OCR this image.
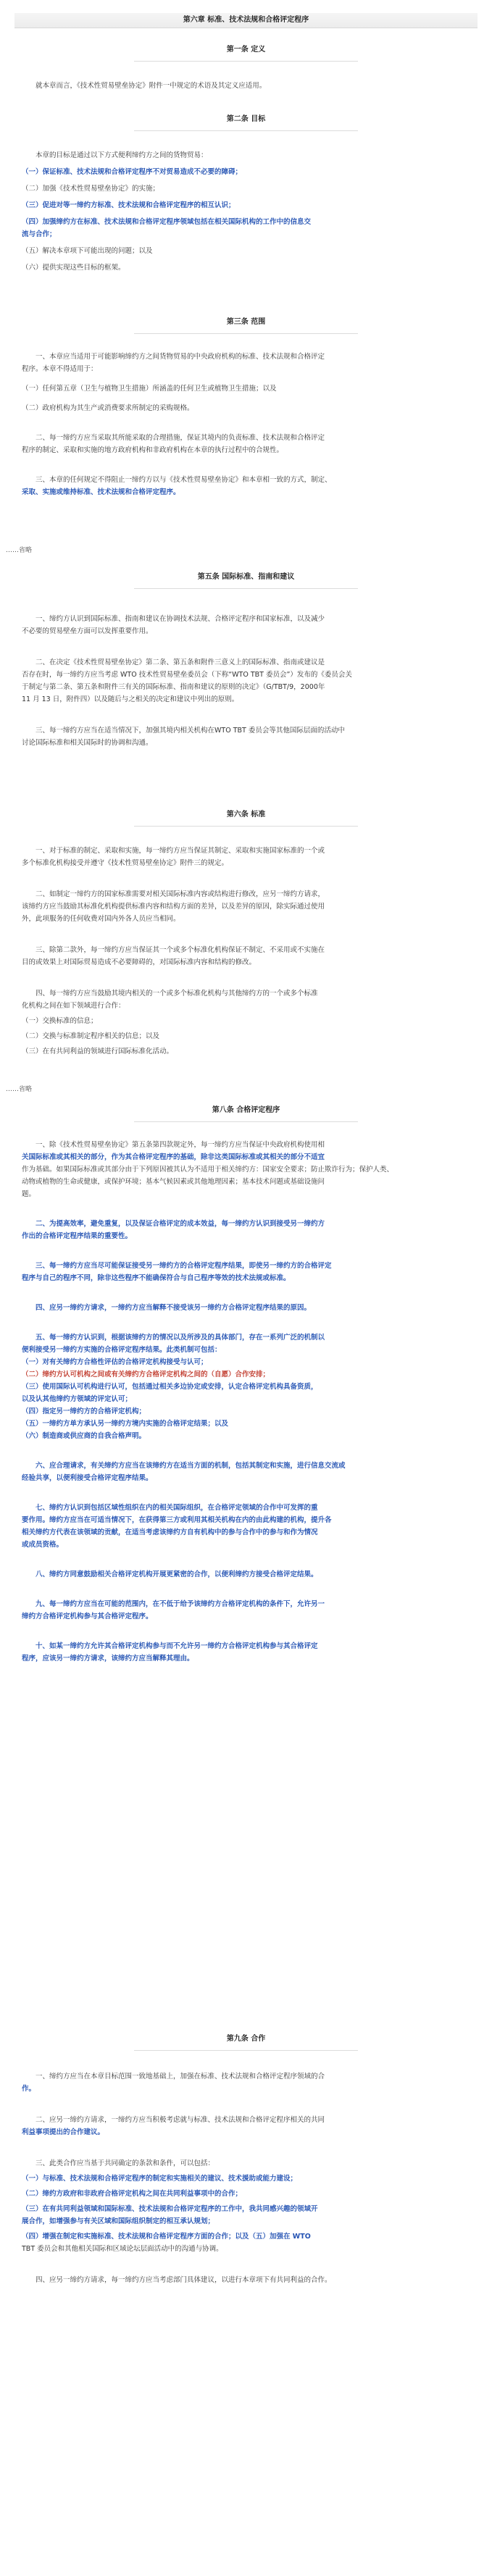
第六章 标准、技术法规和合格评定程序
第一条 定义

就本章而言，《技术性贸易壁垒协定》附件一中规定的术语及其定义应适用。

第二条 目标

本章的目标是通过以下方式便利缔约方之间的货物贸易：

（一）保证标准、技术法规和合格评定程序不对贸易造成不必要的障碍；

（二）加强《技术性贸易壁垒协定》的实施；

（三）促进对等一缔约方标准、技术法规和合格评定程序的相互认识；

（四）加强缔约方在标准、技术法规和合格评定程序领域包括在相关国际机构的工作中的信息交

流与合作；

（五）解决本章项下可能出现的问题；以及

（六）提供实现这些目标的框架。

第三条 范围

一、本章应当适用于可能影响缔约方之间货物贸易的中央政府机构的标准、技术法规和合格评定

程序。本章不得适用于：

（一）任何第五章（卫生与植物卫生措施）所涵盖的任何卫生或植物卫生措施；以及

（二）政府机构为其生产或消费要求所制定的采购规格。

二、每一缔约方应当采取其所能采取的合理措施，保证其境内的负责标准、技术法规和合格评定

程序的制定、采取和实施的地方政府机构和非政府机构在本章的执行过程中的合规性。

三、本章的任何规定不得阻止一缔约方以与《技术性贸易壁垒协定》和本章相一致的方式，制定、

采取、实施或维持标准、技术法规和合格评定程序。

……省略
第五条 国际标准、指南和建议

一、缔约方认识到国际标准、指南和建议在协调技术法规、合格评定程序和国家标准，以及减少

不必要的贸易壁垒方面可以发挥重要作用。

二、在决定《技术性贸易壁垒协定》第二条、第五条和附件三意义上的国际标准、指南或建议是

否存在时，每一缔约方应当考虑 WTO 技术性贸易壁垒委员会（下称“WTO TBT 委员会”）发布的《委员会关

于制定与第二条、第五条和附件三有关的国际标准、指南和建议的原则的决定》（G/TBT/9，2000年

11 月 13 日，附件四）以及随后与之相关的决定和建议中列出的原则。

三、每一缔约方应当在适当情况下，加强其境内相关机构在WTO TBT 委员会等其他国际层面的活动中

讨论国际标准和相关国际时的协调和沟通。

第六条 标准

一、对于标准的制定、采取和实施，每一缔约方应当保证其制定、采取和实施国家标准的一个或

多个标准化机构接受并遵守《技术性贸易壁垒协定》附件三的规定。

二、如制定一缔约方的国家标准需要对相关国际标准内容或结构进行修改，应另一缔约方请求，

该缔约方应当鼓励其标准化机构提供标准内容和结构方面的差异，以及差异的原因，除实际通过使用

外，此项服务的任何收费对国内外各人员应当相同。

三、除第二款外，每一缔约方应当保证其一个或多个标准化机构保证不制定、不采用或不实施在

目的或效果上对国际贸易造成不必要障碍的，对国际标准内容和结构的修改。

四、每一缔约方应当鼓励其境内相关的一个或多个标准化机构与其他缔约方的一个或多个标准

化机构之间在如下领域进行合作：

（一）交换标准的信息；

（二）交换与标准制定程序相关的信息；以及

（三）在有共同利益的领域进行国际标准化活动。

……省略
第八条 合格评定程序

一、除《技术性贸易壁垒协定》第五条第四款规定外，每一缔约方应当保证中央政府机构使用相

关国际标准或其相关的部分，作为其合格评定程序的基础，除非这类国际标准或其相关的部分不适宜

作为基础。如果国际标准或其部分由于下列原因被其认为不适用于相关缔约方：国家安全要求；防止欺诈行为；保护人类、

动物或植物的生命或健康，或保护环境；基本气候因素或其他地理因素；基本技术问题或基础设施问

题。

二、为提高效率，避免重复，以及保证合格评定的成本效益，每一缔约方认识到接受另一缔约方

作出的合格评定程序结果的重要性。

三、每一缔约方应当尽可能保证接受另一缔约方的合格评定程序结果，即使另一缔约方的合格评定

程序与自己的程序不同，除非这些程序不能确保符合与自己程序等效的技术法规或标准。

四、应另一缔约方请求，一缔约方应当解释不接受该另一缔约方合格评定程序结果的原因。

五、每一缔约方认识到，根据该缔约方的情况以及所涉及的具体部门，存在一系列广泛的机制以

便利接受另一缔约方实施的合格评定程序结果。此类机制可包括：

（一）对有关缔约方合格性评估的合格评定机构接受与认可；

（二）缔约方认可机构之间或有关缔约方合格评定机构之间的（自愿）合作安排；

（三）使用国际认可机构进行认可，包括通过相关多边协定或安排，认定合格评定机构具备资质，

以及认其他缔约方领域的评定认可；

（四）指定另一缔约方的合格评定机构；

（五）一缔约方单方承认另一缔约方境内实施的合格评定结果；以及

（六）制造商或供应商的自我合格声明。

六、应合理请求，有关缔约方应当在该缔约方在适当方面的机制，包括其制定和实施，进行信息交流或

经验共享，以便利接受合格评定程序结果。

七、缔约方认识到包括区域性组织在内的相关国际组织，在合格评定领域的合作中可发挥的重

要作用。缔约方应当在可适当情况下，在获得第三方或利用其相关机构在内的由此构建的机构，提升各

相关缔约方代表在该领域的贡献，在适当考虑该缔约方自有机构中的参与合作中的参与和作为情况

或成员资格。

八、缔约方同意鼓励相关合格评定机构开展更紧密的合作，以便利缔约方接受合格评定结果。

九、每一缔约方应当在可能的范围内，在不低于给予该缔约方合格评定机构的条件下，允许另一

缔约方合格评定机构参与其合格评定程序。

十、如某一缔约方允许其合格评定机构参与而不允许另一缔约方合格评定机构参与其合格评定

程序，应该另一缔约方请求，该缔约方应当解释其理由。

第九条 合作

一、缔约方应当在本章目标范围一致地基础上，加强在标准、技术法规和合格评定程序领域的合

作。

二、应另一缔约方请求，一缔约方应当积极考虑就与标准、技术法规和合格评定程序相关的共同

利益事项提出的合作建议。

三、此类合作应当基于共同确定的条款和条件，可以包括：

（一）与标准、技术法规和合格评定程序的制定和实施相关的建议、技术援助或能力建设；

（二）缔约方政府和非政府合格评定机构之间在共同利益事项中的合作；

（三）在有共同利益领域和国际标准、技术法规和合格评定程序的工作中，我共同感兴趣的领域开

展合作，如增强参与有关区域和国际组织制定的相互承认规划；

（四）增强在制定和实施标准、技术法规和合格评定程序方面的合作；以及（五）加强在 WTO

TBT 委员会和其他相关国际和区域论坛层面活动中的沟通与协调。

四、应另一缔约方请求，每一缔约方应当考虑部门具体建议，以进行本章项下有共同利益的合作。
